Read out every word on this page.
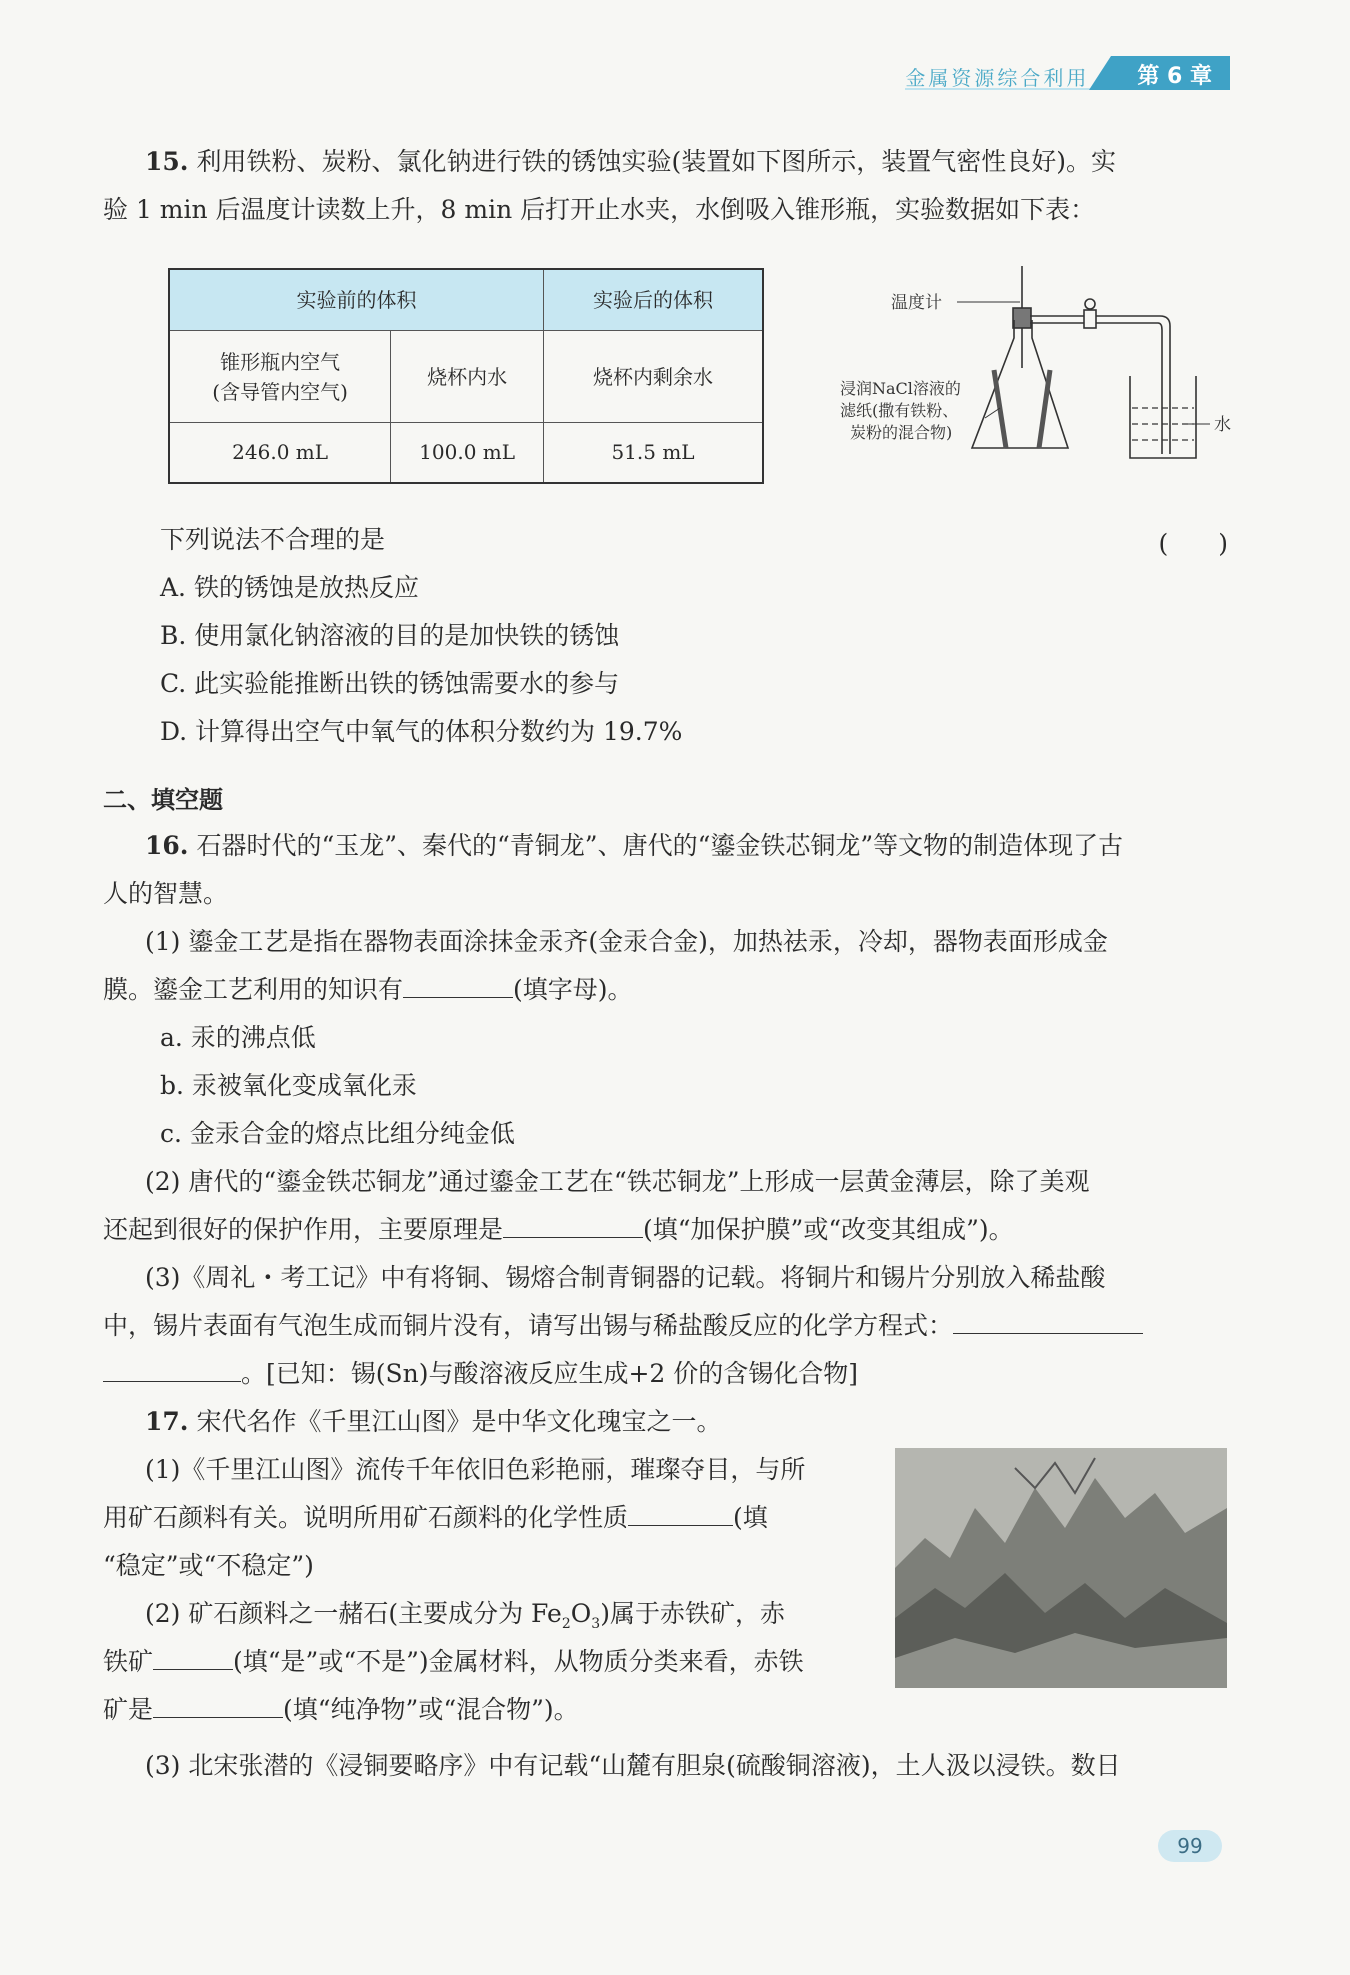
金属资源综合利用	第 6 章

15. 利用铁粉、炭粉、氯化钠进行铁的锈蚀实验(装置如下图所示，装置气密性良好)。实

验 1 min 后温度计读数上升，8 min 后打开止水夹，水倒吸入锥形瓶，实验数据如下表：

实验前的体积		实验后的体积

锥形瓶内空气
(含导管内空气)	烧杯内水	烧杯内剩余水
246.0 mL	100.0 mL	51.5 mL
温度计
浸润NaCl溶液的
滤纸(撒有铁粉、
炭粉的混合物)	水

下列说法不合理的是	(　　)
A. 铁的锈蚀是放热反应
B. 使用氯化钠溶液的目的是加快铁的锈蚀
C. 此实验能推断出铁的锈蚀需要水的参与
D. 计算得出空气中氧气的体积分数约为 19.7%
二、填空题

16. 石器时代的“玉龙”、秦代的“青铜龙”、唐代的“鎏金铁芯铜龙”等文物的制造体现了古

人的智慧。

(1) 鎏金工艺是指在器物表面涂抹金汞齐(金汞合金)，加热祛汞，冷却，器物表面形成金

膜。鎏金工艺利用的知识有	(填字母)。

a. 汞的沸点低
b. 汞被氧化变成氧化汞
c. 金汞合金的熔点比组分纯金低

(2) 唐代的“鎏金铁芯铜龙”通过鎏金工艺在“铁芯铜龙”上形成一层黄金薄层，除了美观

还起到很好的保护作用，主要原理是	(填“加保护膜”或“改变其组成”)。

(3)《周礼・考工记》中有将铜、锡熔合制青铜器的记载。将铜片和锡片分别放入稀盐酸

中，锡片表面有气泡生成而铜片没有，请写出锡与稀盐酸反应的化学方程式：

。[已知：锡(Sn)与酸溶液反应生成+2 价的含锡化合物]

17. 宋代名作《千里江山图》是中华文化瑰宝之一。

(1)《千里江山图》流传千年依旧色彩艳丽，璀璨夺目，与所

用矿石颜料有关。说明所用矿石颜料的化学性质	(填

“稳定”或“不稳定”)

(2) 矿石颜料之一赭石(主要成分为 $Fe_2O_3$)属于赤铁矿，赤

铁矿	(填“是”或“不是”)金属材料，从物质分类来看，赤铁

矿是	(填“纯净物”或“混合物”)。

(3) 北宋张潜的《浸铜要略序》中有记载“山麓有胆泉(硫酸铜溶液)，土人汲以浸铁。数日

99
